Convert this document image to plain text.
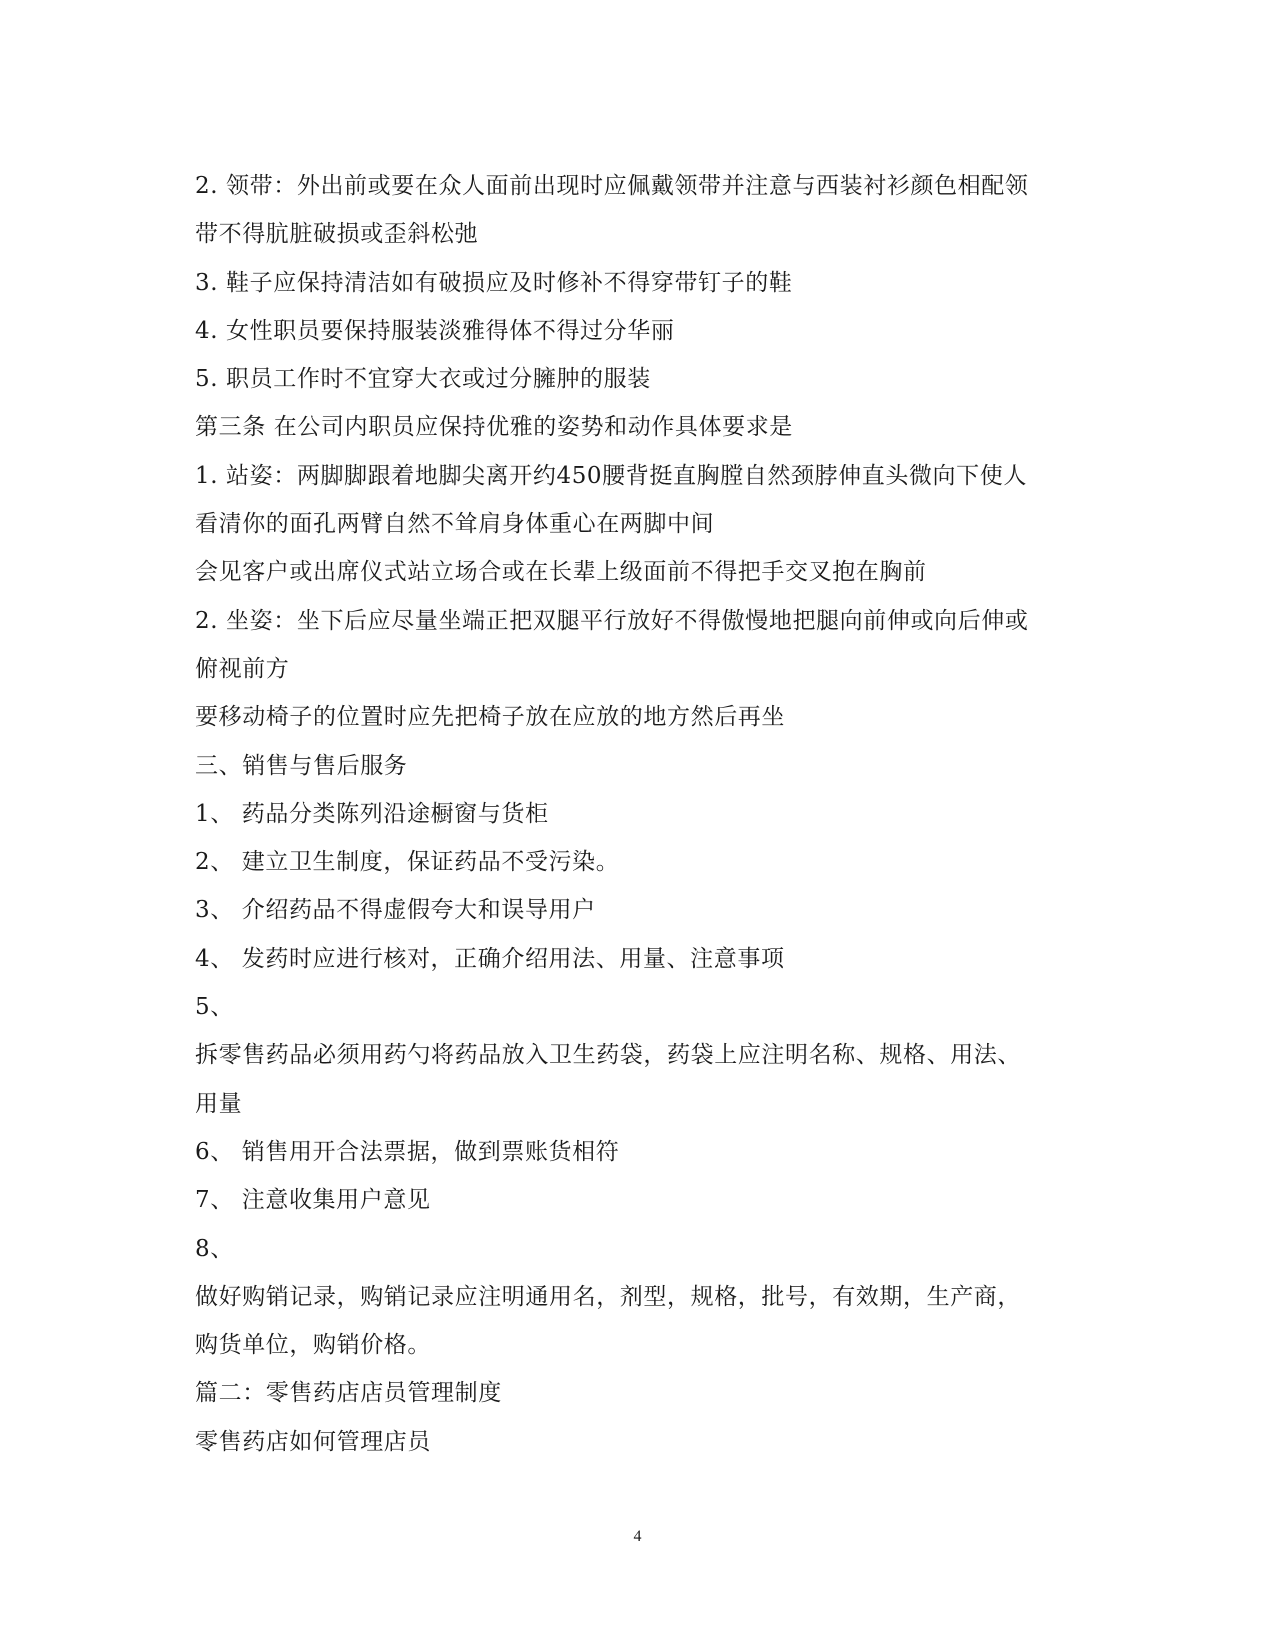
2. 领带：外出前或要在众人面前出现时应佩戴领带并注意与西装衬衫颜色相配领
带不得肮脏破损或歪斜松弛
3. 鞋子应保持清洁如有破损应及时修补不得穿带钉子的鞋
4. 女性职员要保持服装淡雅得体不得过分华丽
5. 职员工作时不宜穿大衣或过分臃肿的服装
第三条 在公司内职员应保持优雅的姿势和动作具体要求是
1. 站姿：两脚脚跟着地脚尖离开约450腰背挺直胸膛自然颈脖伸直头微向下使人
看清你的面孔两臂自然不耸肩身体重心在两脚中间
会见客户或出席仪式站立场合或在长辈上级面前不得把手交叉抱在胸前
2. 坐姿：坐下后应尽量坐端正把双腿平行放好不得傲慢地把腿向前伸或向后伸或
俯视前方
要移动椅子的位置时应先把椅子放在应放的地方然后再坐
三、销售与售后服务
1、 药品分类陈列沿途橱窗与货柜
2、 建立卫生制度，保证药品不受污染。
3、 介绍药品不得虚假夸大和误导用户
4、 发药时应进行核对，正确介绍用法、用量、注意事项
5、
拆零售药品必须用药勺将药品放入卫生药袋，药袋上应注明名称、规格、用法、
用量
6、 销售用开合法票据，做到票账货相符
7、 注意收集用户意见
8、
做好购销记录，购销记录应注明通用名，剂型，规格，批号，有效期，生产商，
购货单位，购销价格。
篇二：零售药店店员管理制度
零售药店如何管理店员
4
